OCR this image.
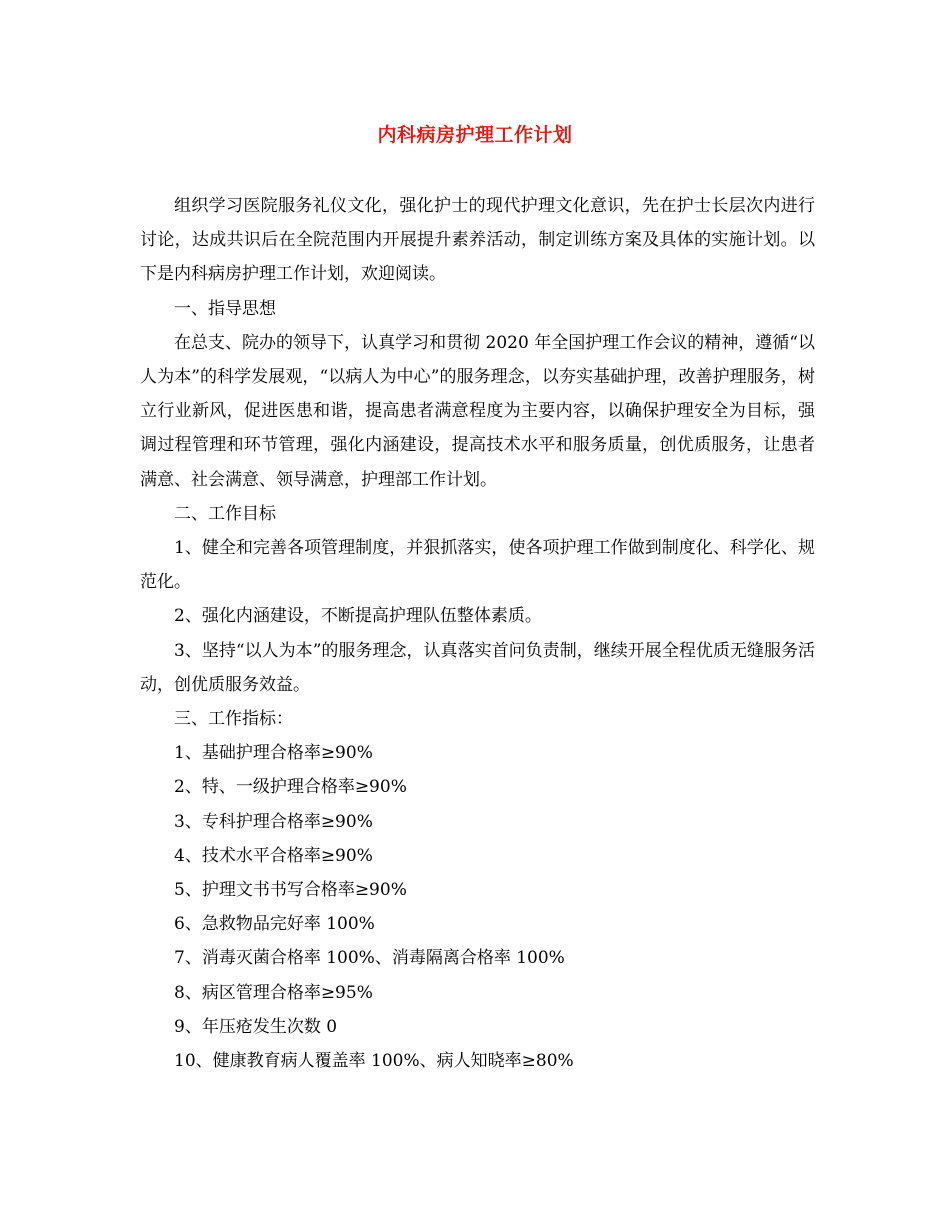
内科病房护理工作计划

组织学习医院服务礼仪文化，强化护士的现代护理文化意识，先在护士长层次内进行讨论，达成共识后在全院范围内开展提升素养活动，制定训练方案及具体的实施计划。以下是内科病房护理工作计划，欢迎阅读。

一、指导思想

在总支、院办的领导下，认真学习和贯彻 2020 年全国护理工作会议的精神，遵循“以人为本”的科学发展观，“以病人为中心”的服务理念，以夯实基础护理，改善护理服务，树立行业新风，促进医患和谐，提高患者满意程度为主要内容，以确保护理安全为目标，强调过程管理和环节管理，强化内涵建设，提高技术水平和服务质量，创优质服务，让患者满意、社会满意、领导满意，护理部工作计划。

二、工作目标

1、健全和完善各项管理制度，并狠抓落实，使各项护理工作做到制度化、科学化、规范化。

2、强化内涵建设，不断提高护理队伍整体素质。

3、坚持“以人为本”的服务理念，认真落实首问负责制，继续开展全程优质无缝服务活动，创优质服务效益。

三、工作指标：

1、基础护理合格率≥90%

2、特、一级护理合格率≥90%

3、专科护理合格率≥90%

4、技术水平合格率≥90%

5、护理文书书写合格率≥90%

6、急救物品完好率 100%

7、消毒灭菌合格率 100%、消毒隔离合格率 100%

8、病区管理合格率≥95%

9、年压疮发生次数 0

10、健康教育病人覆盖率 100%、病人知晓率≥80%
